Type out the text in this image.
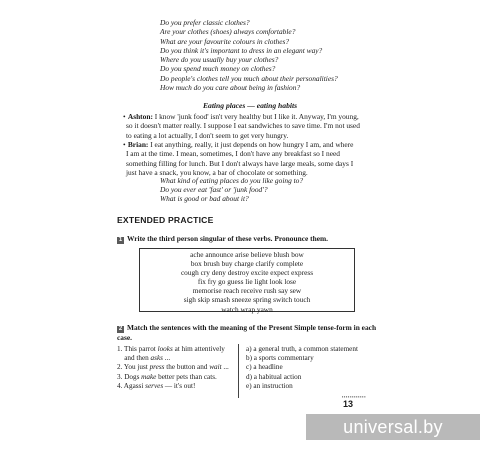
Do you prefer classic clothes?
Are your clothes (shoes) always comfortable?
What are your favourite colours in clothes?
Do you think it's important to dress in an elegant way?
Where do you usually buy your clothes?
Do you spend much money on clothes?
Do people's clothes tell you much about their personalities?
How much do you care about being in fashion?
Eating places — eating habits
• Ashton: I know 'junk food' isn't very healthy but I like it. Anyway, I'm young,
so it doesn't matter really. I suppose I eat sandwiches to save time. I'm not used
to eating a lot actually, I don't seem to get very hungry.
• Brian: I eat anything, really, it just depends on how hungry I am, and where
I am at the time. I mean, sometimes, I don't have any breakfast so I need
something filling for lunch. But I don't always have large meals, some days I
just have a snack, you know, a bar of chocolate or something.
What kind of eating places do you like going to?
Do you ever eat 'fast' or 'junk food'?
What is good or bad about it?
EXTENDED PRACTICE
1 Write the third person singular of these verbs. Pronounce them.
ache announce arise believe blush bow
box brush buy charge clarify complete
cough cry deny destroy excite expect express
fix fry go guess lie light look lose
memorise reach receive rush say sew
sigh skip smash sneeze spring switch touch
watch wrap yawn
2 Match the sentences with the meaning of the Present Simple tense-form in each case.
1. This parrot looks at him attentively
and then asks ...
2. You just press the button and wait ...
3. Dogs make better pets than cats.
4. Agassi serves — it's out!
a) a general truth, a common statement
b) a sports commentary
c) a headline
d) a habitual action
e) an instruction
▪▪▪▪▪▪▪▪▪▪▪▪
13
universal.by
